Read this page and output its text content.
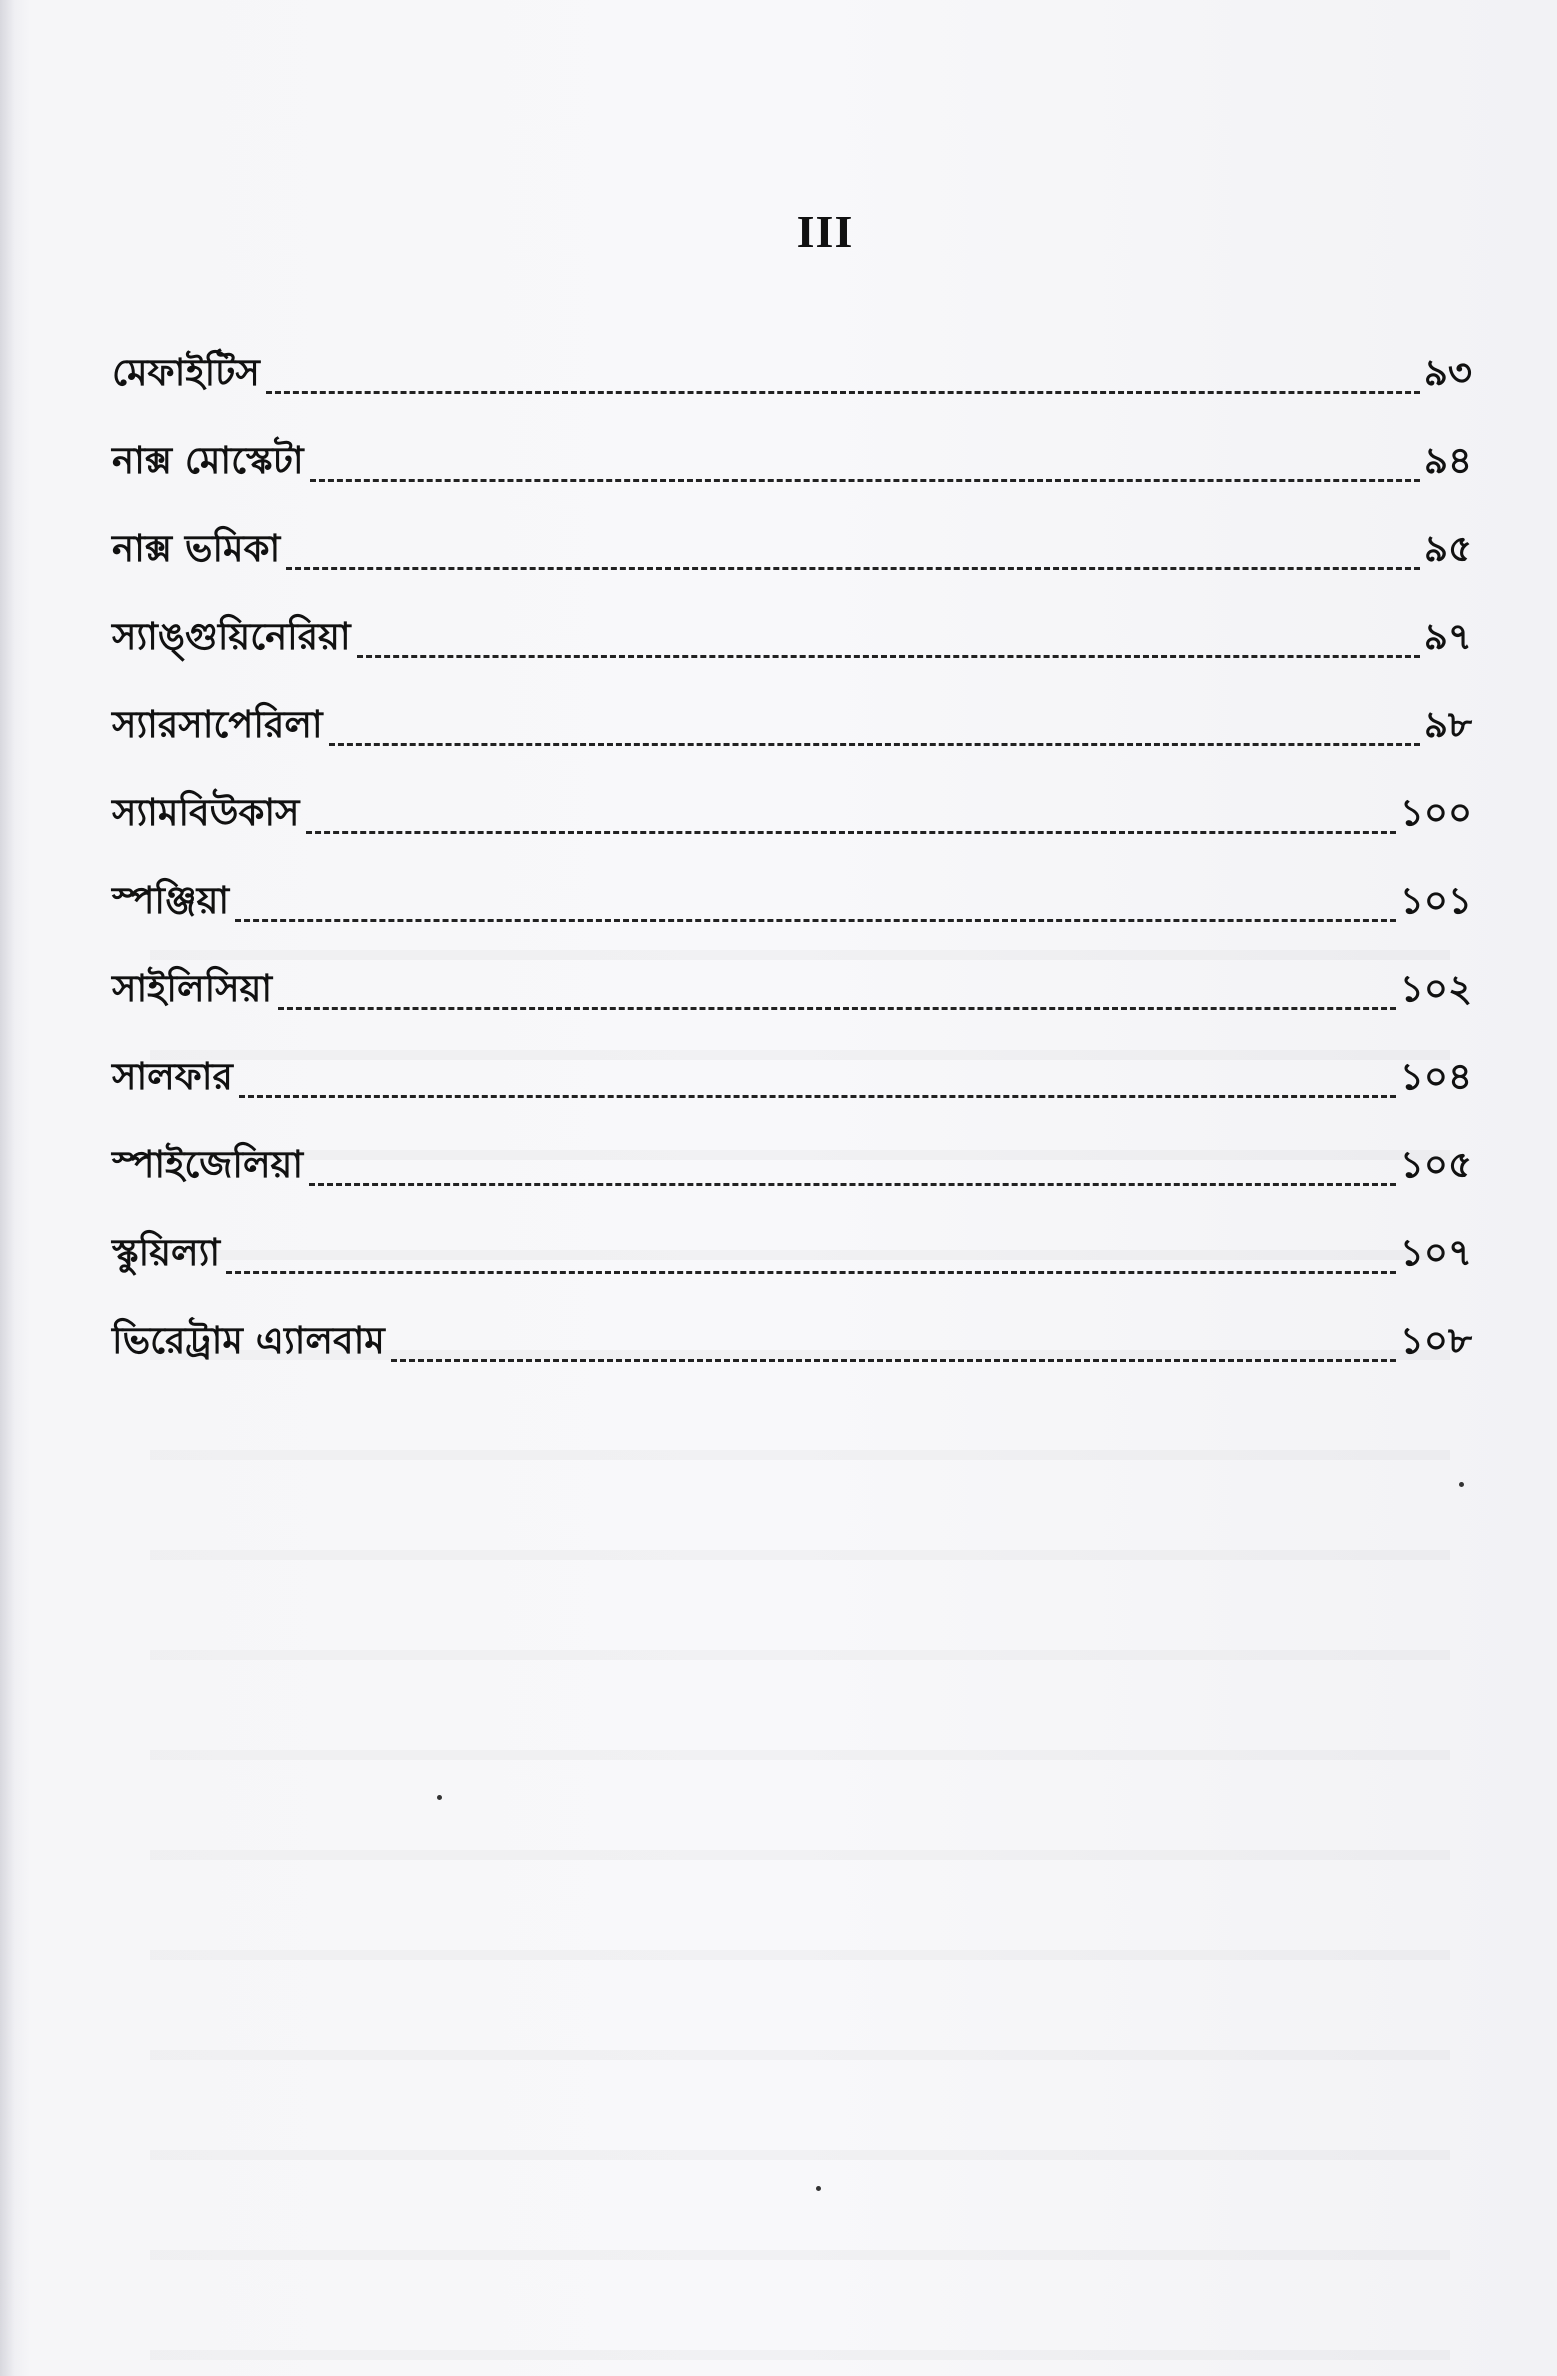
III
মেফাইটিস	৯৩
নাক্স মোস্কেটা	৯৪
নাক্স ভমিকা	৯৫
স্যাঙ্গুয়িনেরিয়া	৯৭
স্যারসাপেরিলা	৯৮
স্যামবিউকাস	১০০
স্পঞ্জিয়া	১০১
সাইলিসিয়া	১০২
সালফার	১০৪
স্পাইজেলিয়া	১০৫
স্কুয়িল্যা	১০৭
ভিরেট্রাম এ্যালবাম	১০৮
